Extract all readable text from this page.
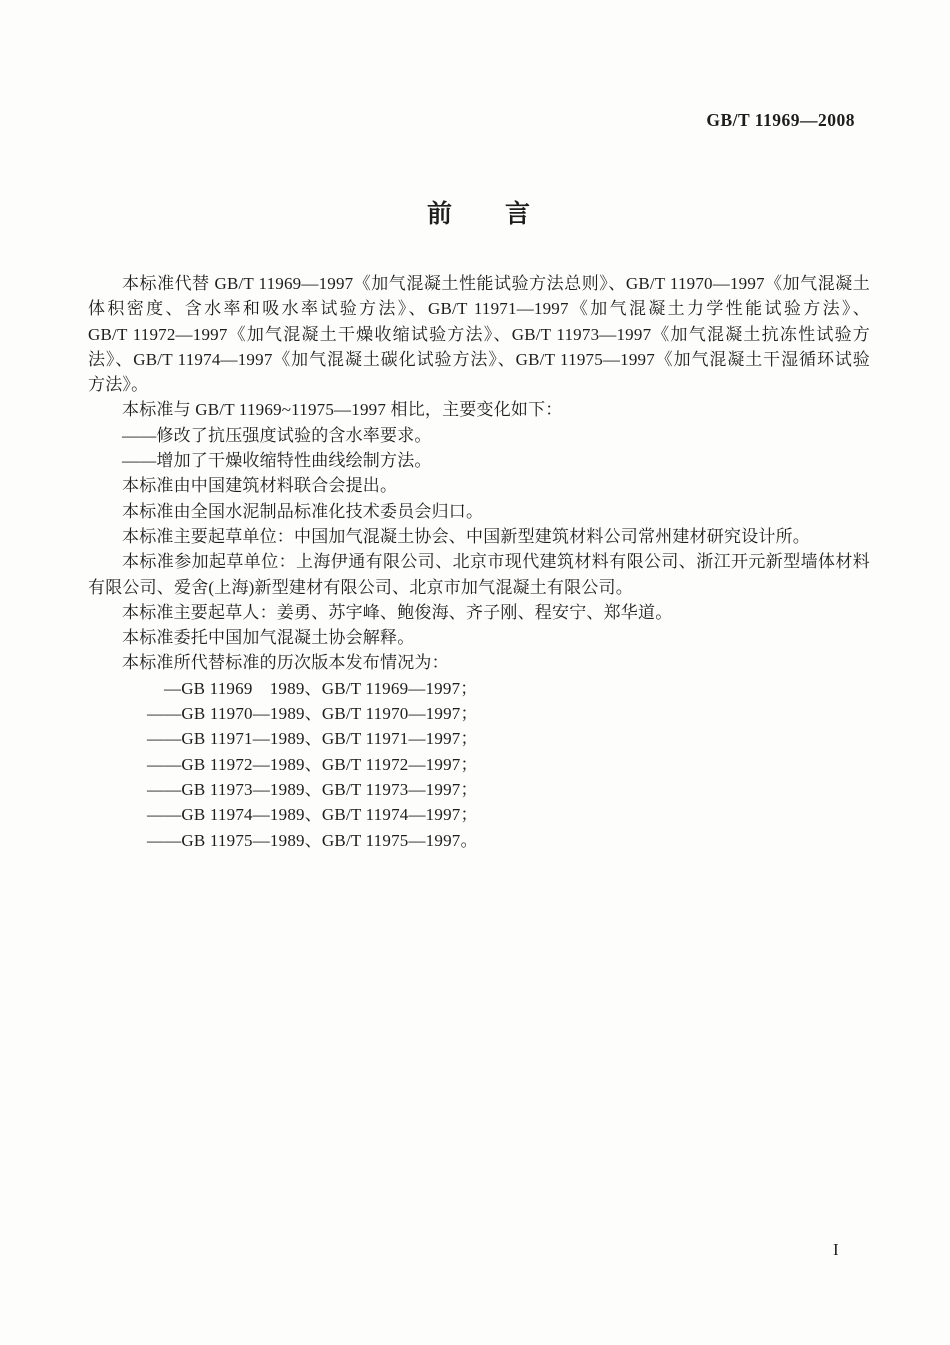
GB/T 11969—2008
前　　言
本标准代替 GB/T 11969—1997《加气混凝土性能试验方法总则》、GB/T 11970—1997《加气混凝土
体积密度、含水率和吸水率试验方法》、GB/T 11971—1997《加气混凝土力学性能试验方法》、
GB/T 11972—1997《加气混凝土干燥收缩试验方法》、GB/T 11973—1997《加气混凝土抗冻性试验方
法》、GB/T 11974—1997《加气混凝土碳化试验方法》、GB/T 11975—1997《加气混凝土干湿循环试验
方法》。
本标准与 GB/T 11969~11975—1997 相比，主要变化如下：
——修改了抗压强度试验的含水率要求。
——增加了干燥收缩特性曲线绘制方法。
本标准由中国建筑材料联合会提出。
本标准由全国水泥制品标准化技术委员会归口。
本标准主要起草单位：中国加气混凝土协会、中国新型建筑材料公司常州建材研究设计所。
本标准参加起草单位：上海伊通有限公司、北京市现代建筑材料有限公司、浙江开元新型墙体材料
有限公司、爱舍(上海)新型建材有限公司、北京市加气混凝土有限公司。
本标准主要起草人：姜勇、苏宇峰、鲍俊海、齐子刚、程安宁、郑华道。
本标准委托中国加气混凝土协会解释。
本标准所代替标准的历次版本发布情况为：
—GB 11969　1989、GB/T 11969—1997；
——GB 11970—1989、GB/T 11970—1997；
——GB 11971—1989、GB/T 11971—1997；
——GB 11972—1989、GB/T 11972—1997；
——GB 11973—1989、GB/T 11973—1997；
——GB 11974—1989、GB/T 11974—1997；
——GB 11975—1989、GB/T 11975—1997。
I
